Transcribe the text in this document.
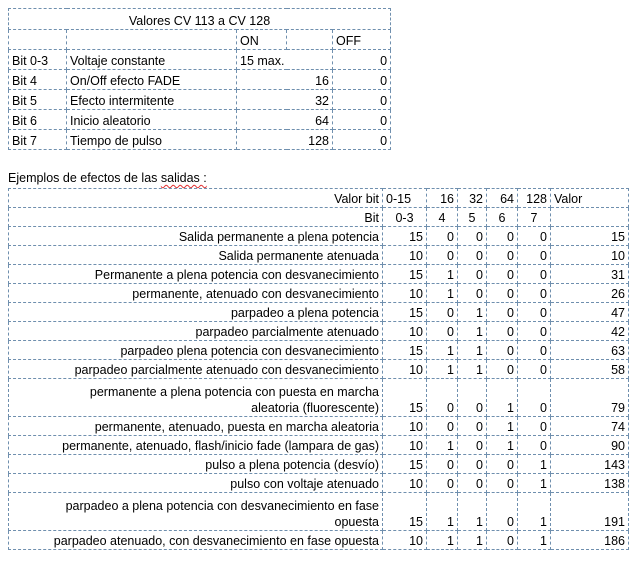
Valores CV 113 a CV 128				
		ON		OFF
Bit 0-3	Voltaje constante	15 max.		0
Bit 4	On/Off efecto FADE	16		0
Bit 5	Efecto intermitente	32		0
Bit 6	Inicio aleatorio	64		0
Bit 7	Tiempo de pulso	128		0
Ejemplos de efectos de las salidas :
Valor bit	0-15	16	32	64	128	Valor
Bit	0-3	4	5	6	7	
Salida permanente a plena potencia	15	0	0	0	0	15
Salida permanente atenuada	10	0	0	0	0	10
Permanente a plena potencia con desvanecimiento	15	1	0	0	0	31
permanente, atenuado con desvanecimiento	10	1	0	0	0	26
parpadeo a plena potencia	15	0	1	0	0	47
parpadeo parcialmente atenuado	10	0	1	0	0	42
parpadeo plena potencia con desvanecimiento	15	1	1	0	0	63
parpadeo parcialmente atenuado con desvanecimiento	10	1	1	0	0	58

permanente a plena potencia con puesta en marcha
aleatoria (fluorescente)	15	0	0	1	0	79
permanente, atenuado, puesta en marcha aleatoria	10	0	0	1	0	74
permanente, atenuado, flash/inicio fade (lampara de gas)	10	1	0	1	0	90
pulso a plena potencia (desvío)	15	0	0	0	1	143
pulso con voltaje atenuado	10	0	0	0	1	138

parpadeo a plena potencia con desvanecimiento en fase
opuesta	15	1	1	0	1	191
parpadeo atenuado, con desvanecimiento en fase opuesta	10	1	1	0	1	186
